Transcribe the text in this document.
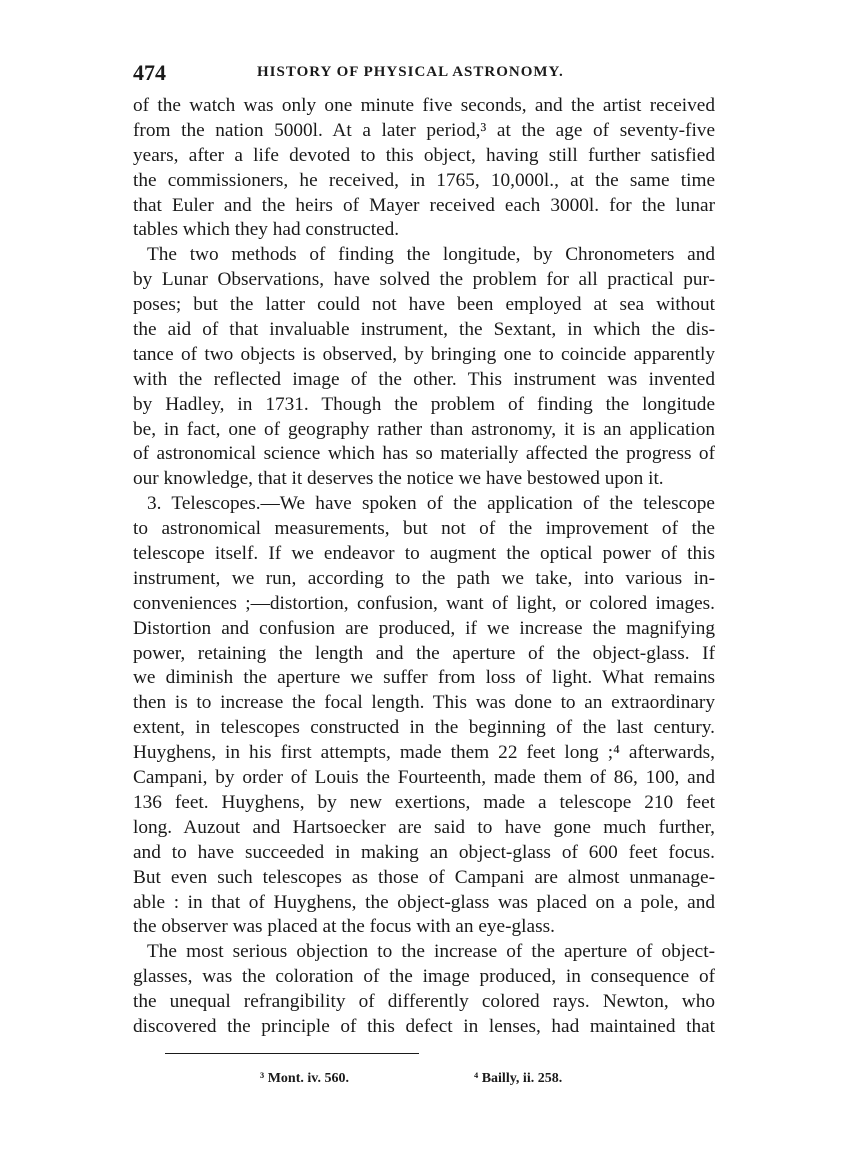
474	HISTORY OF PHYSICAL ASTRONOMY.
of the watch was only one minute five seconds, and the artist received
from the nation 5000l. At a later period,³ at the age of seventy-five
years, after a life devoted to this object, having still further satisfied
the commissioners, he received, in 1765, 10,000l., at the same time
that Euler and the heirs of Mayer received each 3000l. for the lunar
tables which they had constructed.
The two methods of finding the longitude, by Chronometers and
by Lunar Observations, have solved the problem for all practical pur-
poses; but the latter could not have been employed at sea without
the aid of that invaluable instrument, the Sextant, in which the dis-
tance of two objects is observed, by bringing one to coincide apparently
with the reflected image of the other. This instrument was invented
by Hadley, in 1731. Though the problem of finding the longitude
be, in fact, one of geography rather than astronomy, it is an application
of astronomical science which has so materially affected the progress of
our knowledge, that it deserves the notice we have bestowed upon it.
3. Telescopes.—We have spoken of the application of the telescope
to astronomical measurements, but not of the improvement of the
telescope itself. If we endeavor to augment the optical power of this
instrument, we run, according to the path we take, into various in-
conveniences ;—distortion, confusion, want of light, or colored images.
Distortion and confusion are produced, if we increase the magnifying
power, retaining the length and the aperture of the object-glass. If
we diminish the aperture we suffer from loss of light. What remains
then is to increase the focal length. This was done to an extraordinary
extent, in telescopes constructed in the beginning of the last century.
Huyghens, in his first attempts, made them 22 feet long ;⁴ afterwards,
Campani, by order of Louis the Fourteenth, made them of 86, 100, and
136 feet. Huyghens, by new exertions, made a telescope 210 feet
long. Auzout and Hartsoecker are said to have gone much further,
and to have succeeded in making an object-glass of 600 feet focus.
But even such telescopes as those of Campani are almost unmanage-
able : in that of Huyghens, the object-glass was placed on a pole, and
the observer was placed at the focus with an eye-glass.
The most serious objection to the increase of the aperture of object-
glasses, was the coloration of the image produced, in consequence of
the unequal refrangibility of differently colored rays. Newton, who
discovered the principle of this defect in lenses, had maintained that
³ Mont. iv. 560.	⁴ Bailly, ii. 258.
